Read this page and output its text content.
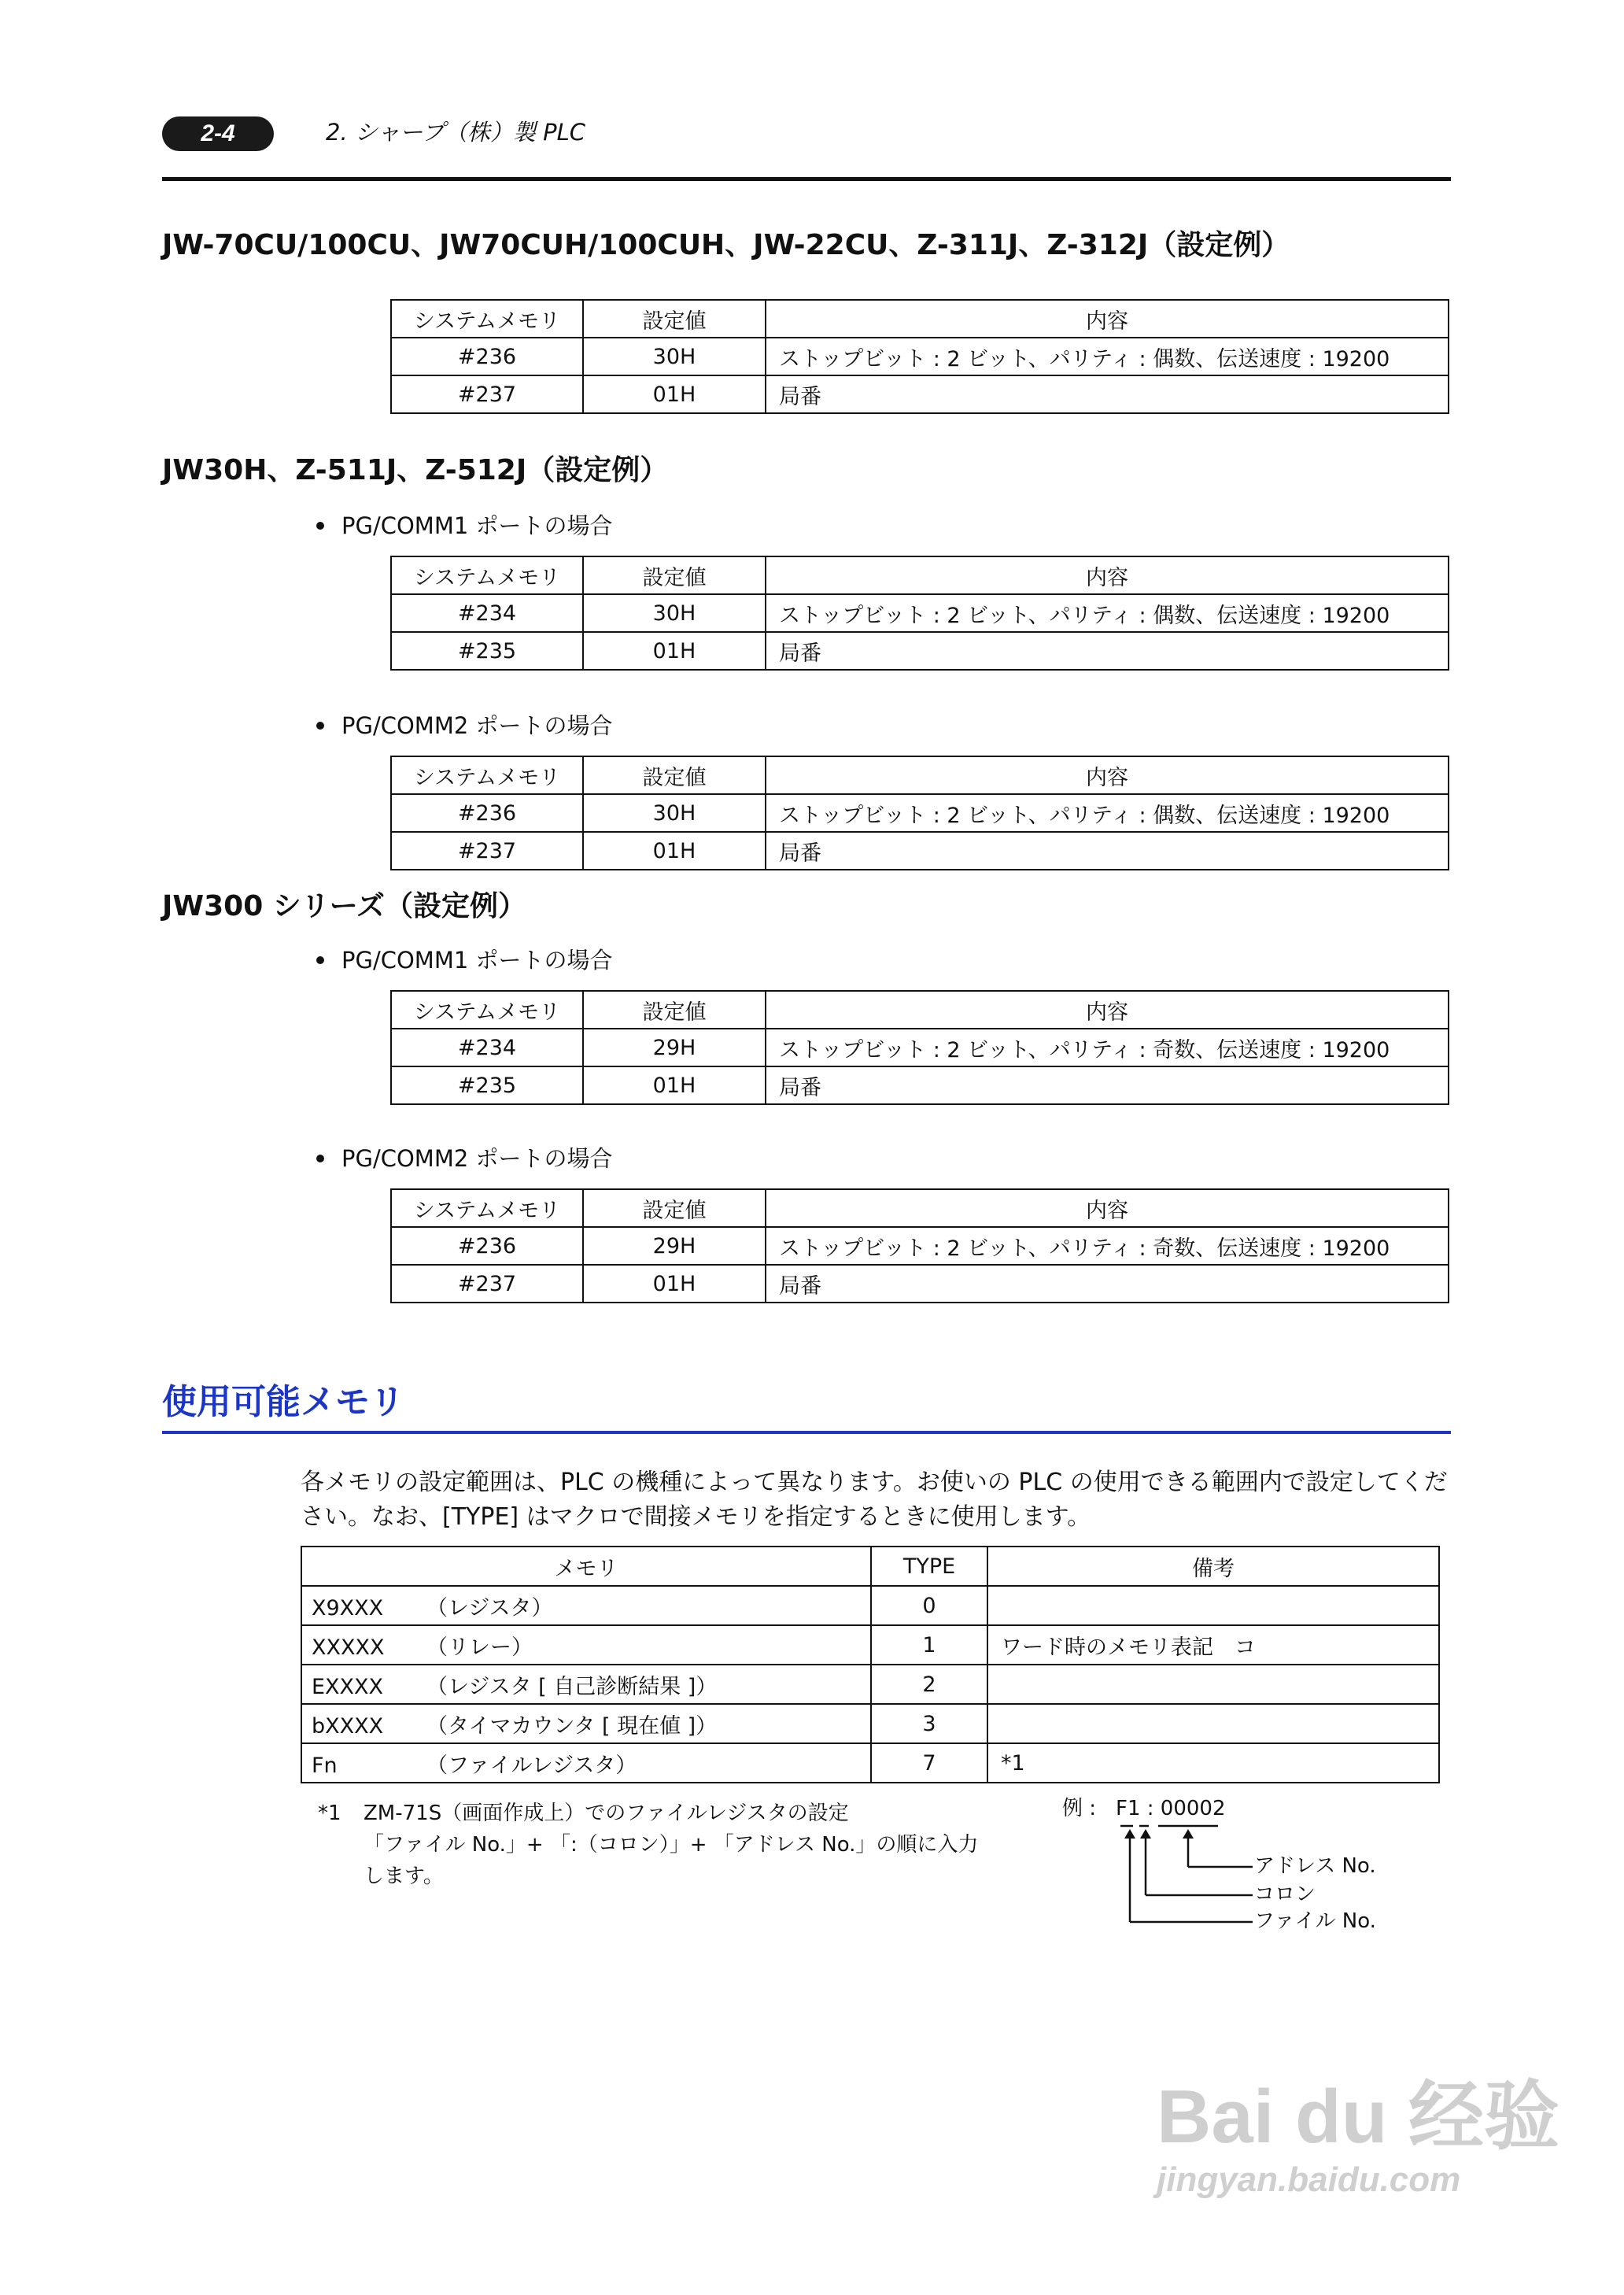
2-4	2. シャープ（株）製 PLC
JW-70CU/100CU、JW70CUH/100CUH、JW-22CU、Z-311J、Z-312J（設定例）
システムメモリ	設定値	内容
#236	30H	ストップビット : 2 ビット、パリティ : 偶数、伝送速度 : 19200
#237	01H	局番
JW30H、Z-511J、Z-512J（設定例）
PG/COMM1 ポートの場合
システムメモリ	設定値	内容
#234	30H	ストップビット : 2 ビット、パリティ : 偶数、伝送速度 : 19200
#235	01H	局番
PG/COMM2 ポートの場合
システムメモリ	設定値	内容
#236	30H	ストップビット : 2 ビット、パリティ : 偶数、伝送速度 : 19200
#237	01H	局番
JW300 シリーズ（設定例）
PG/COMM1 ポートの場合
システムメモリ	設定値	内容
#234	29H	ストップビット : 2 ビット、パリティ : 奇数、伝送速度 : 19200
#235	01H	局番
PG/COMM2 ポートの場合
システムメモリ	設定値	内容
#236	29H	ストップビット : 2 ビット、パリティ : 奇数、伝送速度 : 19200
#237	01H	局番
使用可能メモリ
各メモリの設定範囲は、PLC の機種によって異なります。お使いの PLC の使用できる範囲内で設定してください。なお、[TYPE] はマクロで間接メモリを指定するときに使用します。
メモリ	TYPE	備考
X9XXX （レジスタ）	0	
XXXXX （リレー）	1	ワード時のメモリ表記　コ
EXXXX （レジスタ [ 自己診断結果 ]）	2	
bXXXX （タイマカウンタ [ 現在値 ]）	3	
Fn （ファイルレジスタ）	7	*1
*1 ZM-71S（画面作成上）でのファイルレジスタの設定
「ファイル No.」+ 「:（コロン）」+ 「アドレス No.」の順に入力
します。
例 : F1 : 00002
アドレス No.
コロン
ファイル No.
Bai du 经验
jingyan.baidu.com
